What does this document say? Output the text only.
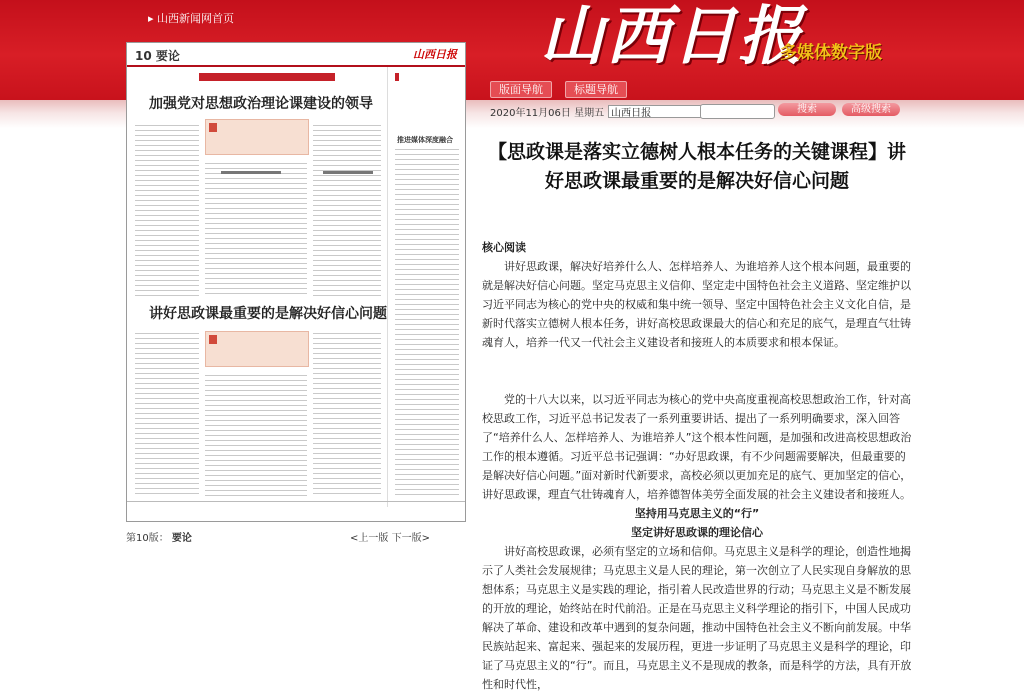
▸ 山西新闻网首页	山西日报
多媒体数字版
版面导航	标题导航
2020年11月06日 星期五 山西日报	搜索	高级搜索
10 要论	山西日报
加强党对思想政治理论课建设的领导
推进媒体深度融合
讲好思政课最重要的是解决好信心问题
第10版： 要论	<上一版 下一版>
【思政课是落实立德树人根本任务的关键课程】讲好思政课最重要的是解决好信心问题

核心阅读

讲好思政课，解决好培养什么人、怎样培养人、为谁培养人这个根本问题，最重要的就是解决好信心问题。坚定马克思主义信仰、坚定走中国特色社会主义道路、坚定维护以习近平同志为核心的党中央的权威和集中统一领导、坚定中国特色社会主义文化自信，是新时代落实立德树人根本任务，讲好高校思政课最大的信心和充足的底气，是理直气壮铸魂育人，培养一代又一代社会主义建设者和接班人的本质要求和根本保证。

党的十八大以来，以习近平同志为核心的党中央高度重视高校思想政治工作，针对高校思政工作，习近平总书记发表了一系列重要讲话、提出了一系列明确要求，深入回答了“培养什么人、怎样培养人、为谁培养人”这个根本性问题，是加强和改进高校思想政治工作的根本遵循。习近平总书记强调：“办好思政课，有不少问题需要解决，但最重要的是解决好信心问题。”面对新时代新要求，高校必须以更加充足的底气、更加坚定的信心，讲好思政课，理直气壮铸魂育人，培养德智体美劳全面发展的社会主义建设者和接班人。

坚持用马克思主义的“行”

坚定讲好思政课的理论信心

讲好高校思政课，必须有坚定的立场和信仰。马克思主义是科学的理论，创造性地揭示了人类社会发展规律；马克思主义是人民的理论，第一次创立了人民实现自身解放的思想体系；马克思主义是实践的理论，指引着人民改造世界的行动；马克思主义是不断发展的开放的理论，始终站在时代前沿。正是在马克思主义科学理论的指引下，中国人民成功解决了革命、建设和改革中遇到的复杂问题，推动中国特色社会主义不断向前发展。中华民族站起来、富起来、强起来的发展历程，更进一步证明了马克思主义是科学的理论，印证了马克思主义的“行”。而且，马克思主义不是现成的教条，而是科学的方法，具有开放性和时代性，
